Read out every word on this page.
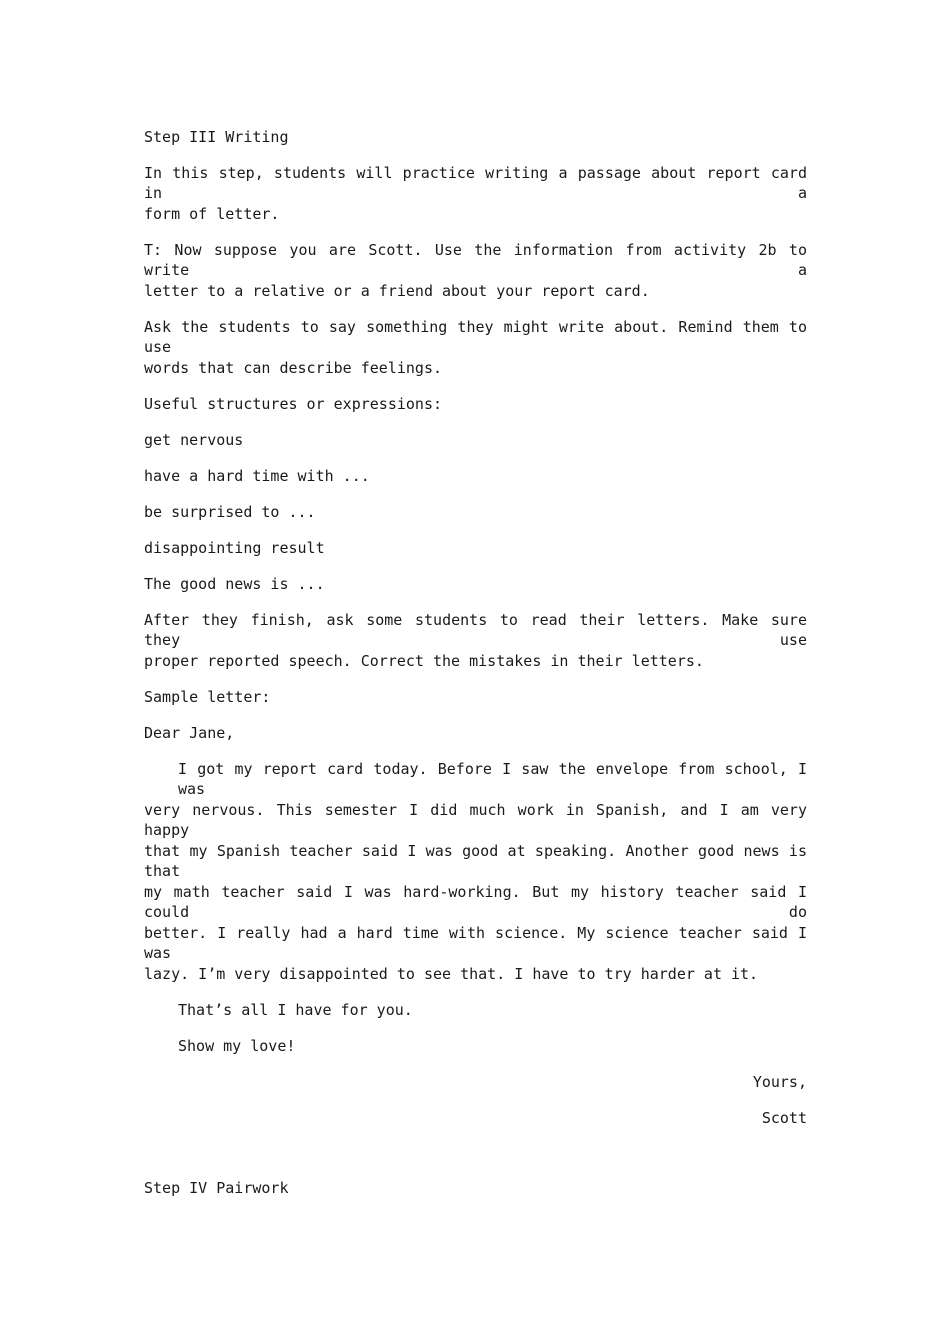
Step III Writing
In this step, students will practice writing a passage about report card in a
form of letter.
T: Now suppose you are Scott. Use the information from activity 2b to write a
letter to a relative or a friend about your report card.
Ask the students to say something they might write about. Remind them to use
words that can describe feelings.
Useful structures or expressions:
get nervous
have a hard time with ...
be surprised to ...
disappointing result
The good news is ...
After they finish, ask some students to read their letters. Make sure they use
proper reported speech. Correct the mistakes in their letters.
Sample letter:
Dear Jane,
I got my report card today. Before I saw the envelope from school, I was
very nervous. This semester I did much work in Spanish, and I am very happy
that my Spanish teacher said I was good at speaking. Another good news is that
my math teacher said I was hard-working. But my history teacher said I could do
better. I really had a hard time with science. My science teacher said I was
lazy. I’m very disappointed to see that. I have to try harder at it.
That’s all I have for you.
Show my love!
Yours,
Scott
Step IV Pairwork
